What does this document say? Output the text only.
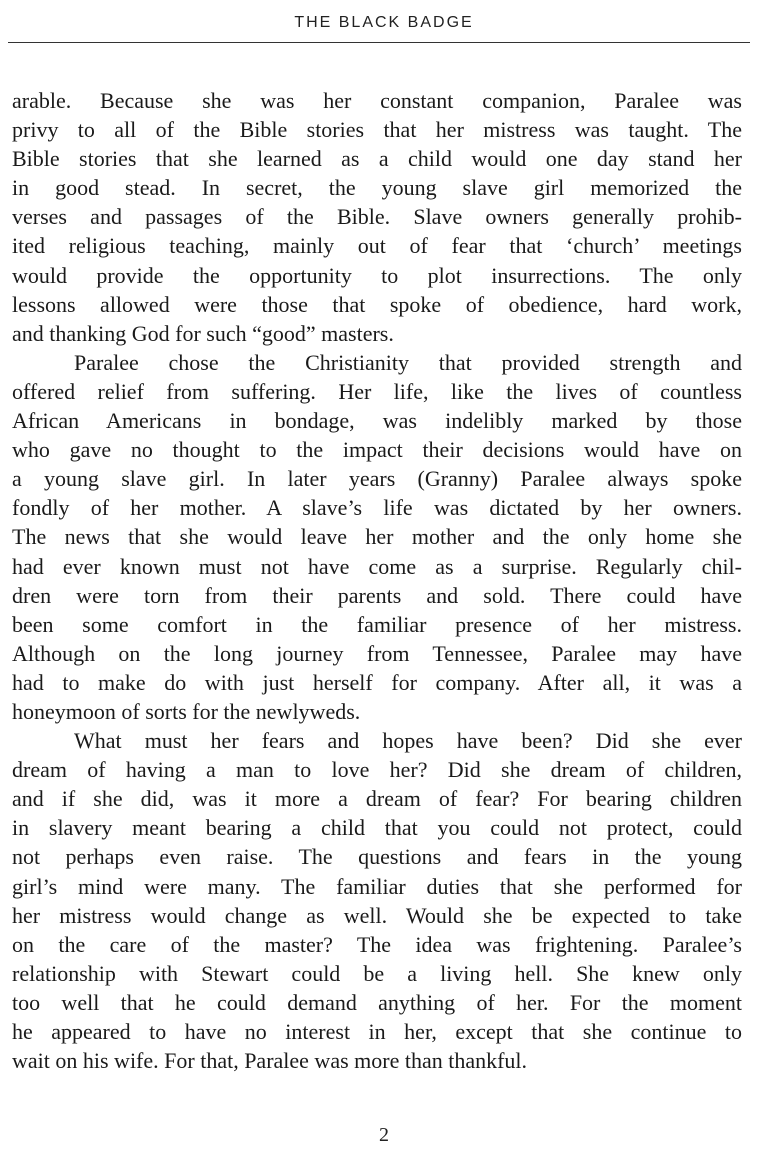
THE BLACK BADGE
arable. Because she was her constant companion, Paralee was
privy to all of the Bible stories that her mistress was taught. The
Bible stories that she learned as a child would one day stand her
in good stead. In secret, the young slave girl memorized the
verses and passages of the Bible. Slave owners generally prohib-
ited religious teaching, mainly out of fear that ‘church’ meetings
would provide the opportunity to plot insurrections. The only
lessons allowed were those that spoke of obedience, hard work,
and thanking God for such “good” masters.
Paralee chose the Christianity that provided strength and
offered relief from suffering. Her life, like the lives of countless
African Americans in bondage, was indelibly marked by those
who gave no thought to the impact their decisions would have on
a young slave girl. In later years (Granny) Paralee always spoke
fondly of her mother. A slave’s life was dictated by her owners.
The news that she would leave her mother and the only home she
had ever known must not have come as a surprise. Regularly chil-
dren were torn from their parents and sold. There could have
been some comfort in the familiar presence of her mistress.
Although on the long journey from Tennessee, Paralee may have
had to make do with just herself for company. After all, it was a
honeymoon of sorts for the newlyweds.
What must her fears and hopes have been? Did she ever
dream of having a man to love her? Did she dream of children,
and if she did, was it more a dream of fear? For bearing children
in slavery meant bearing a child that you could not protect, could
not perhaps even raise. The questions and fears in the young
girl’s mind were many. The familiar duties that she performed for
her mistress would change as well. Would she be expected to take
on the care of the master? The idea was frightening. Paralee’s
relationship with Stewart could be a living hell. She knew only
too well that he could demand anything of her. For the moment
he appeared to have no interest in her, except that she continue to
wait on his wife. For that, Paralee was more than thankful.
2
